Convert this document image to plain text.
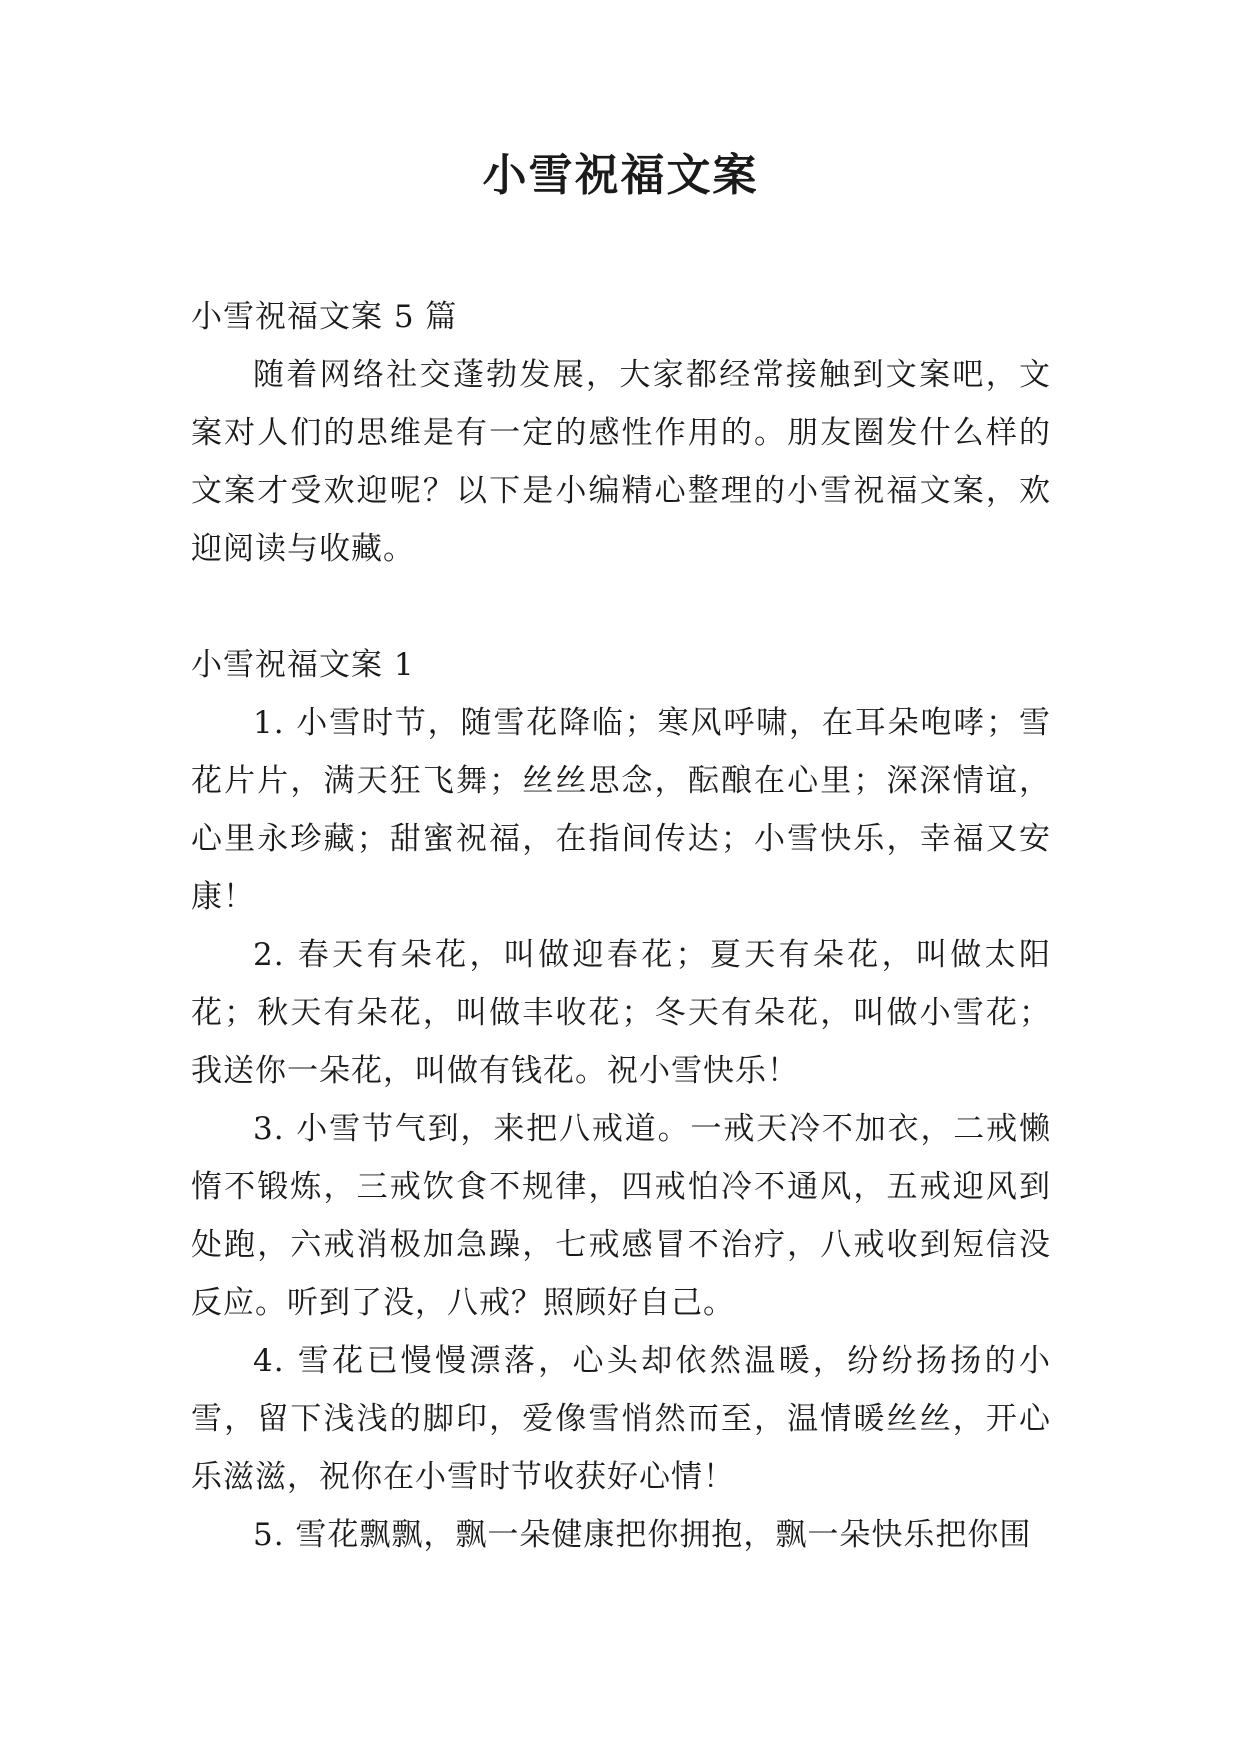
小雪祝福文案

小雪祝福文案 5 篇

随着网络社交蓬勃发展，大家都经常接触到文案吧，文案对人们的思维是有一定的感性作用的。朋友圈发什么样的文案才受欢迎呢？以下是小编精心整理的小雪祝福文案，欢迎阅读与收藏。

小雪祝福文案 1

1. 小雪时节，随雪花降临；寒风呼啸，在耳朵咆哮；雪花片片，满天狂飞舞；丝丝思念，酝酿在心里；深深情谊，心里永珍藏；甜蜜祝福，在指间传达；小雪快乐，幸福又安康！

2. 春天有朵花，叫做迎春花；夏天有朵花，叫做太阳花；秋天有朵花，叫做丰收花；冬天有朵花，叫做小雪花；我送你一朵花，叫做有钱花。祝小雪快乐！

3. 小雪节气到，来把八戒道。一戒天冷不加衣，二戒懒惰不锻炼，三戒饮食不规律，四戒怕冷不通风，五戒迎风到处跑，六戒消极加急躁，七戒感冒不治疗，八戒收到短信没反应。听到了没，八戒？照顾好自己。

4. 雪花已慢慢漂落，心头却依然温暖，纷纷扬扬的小雪，留下浅浅的脚印，爱像雪悄然而至，温情暖丝丝，开心乐滋滋，祝你在小雪时节收获好心情！

5. 雪花飘飘，飘一朵健康把你拥抱，飘一朵快乐把你围
